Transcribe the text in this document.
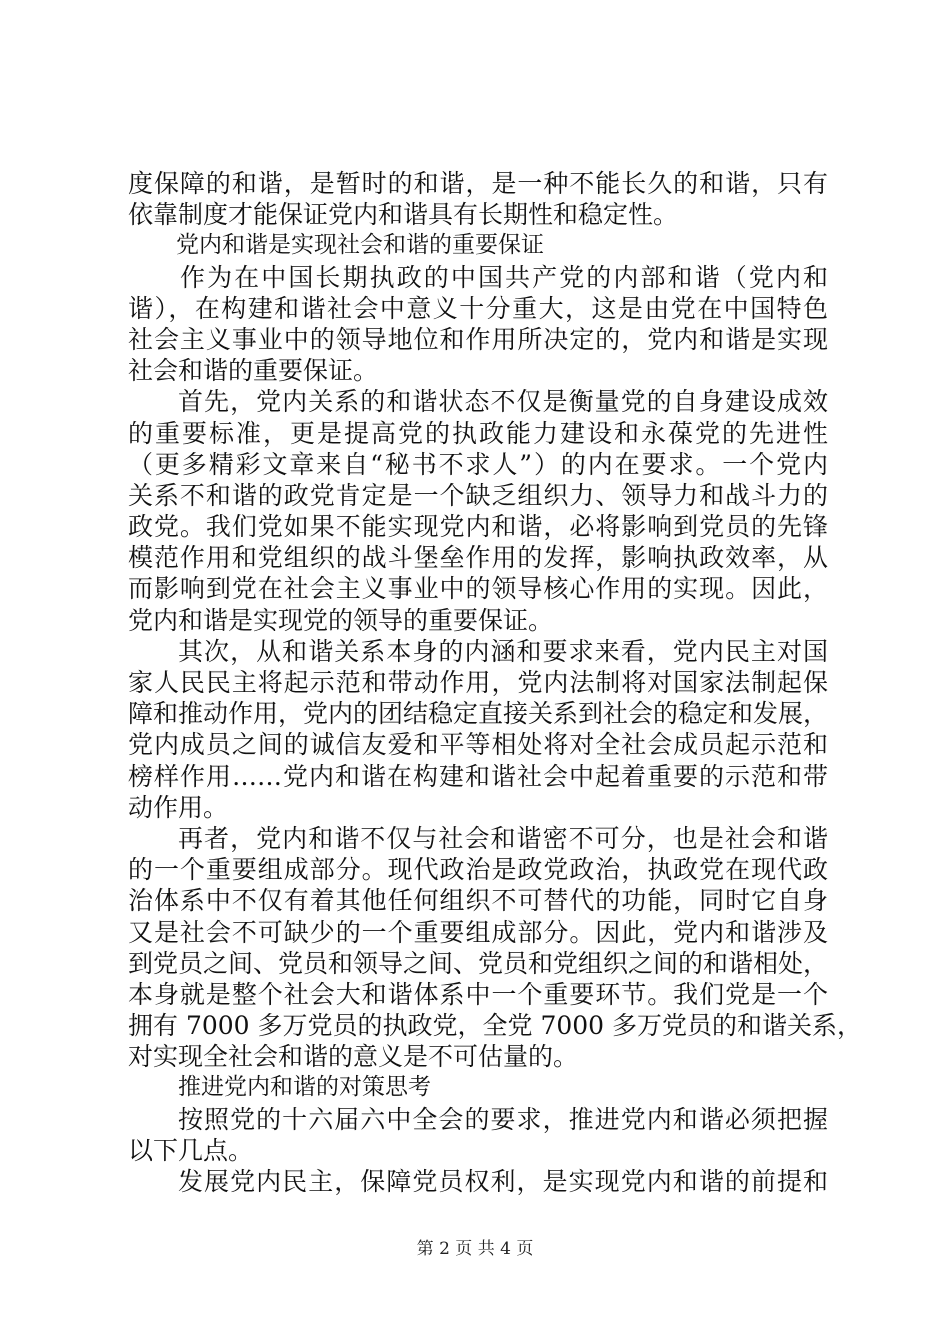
度保障的和谐，是暂时的和谐，是一种不能长久的和谐，只有
依靠制度才能保证党内和谐具有长期性和稳定性。
党内和谐是实现社会和谐的重要保证
作为在中国长期执政的中国共产党的内部和谐（党内和
谐），在构建和谐社会中意义十分重大，这是由党在中国特色
社会主义事业中的领导地位和作用所决定的，党内和谐是实现
社会和谐的重要保证。
首先，党内关系的和谐状态不仅是衡量党的自身建设成效
的重要标准，更是提高党的执政能力建设和永葆党的先进性
（更多精彩文章来自“秘书不求人”）的内在要求。一个党内
关系不和谐的政党肯定是一个缺乏组织力、领导力和战斗力的
政党。我们党如果不能实现党内和谐，必将影响到党员的先锋
模范作用和党组织的战斗堡垒作用的发挥，影响执政效率，从
而影响到党在社会主义事业中的领导核心作用的实现。因此，
党内和谐是实现党的领导的重要保证。
其次，从和谐关系本身的内涵和要求来看，党内民主对国
家人民民主将起示范和带动作用，党内法制将对国家法制起保
障和推动作用，党内的团结稳定直接关系到社会的稳定和发展，
党内成员之间的诚信友爱和平等相处将对全社会成员起示范和
榜样作用……党内和谐在构建和谐社会中起着重要的示范和带
动作用。
再者，党内和谐不仅与社会和谐密不可分，也是社会和谐
的一个重要组成部分。现代政治是政党政治，执政党在现代政
治体系中不仅有着其他任何组织不可替代的功能，同时它自身
又是社会不可缺少的一个重要组成部分。因此，党内和谐涉及
到党员之间、党员和领导之间、党员和党组织之间的和谐相处，
本身就是整个社会大和谐体系中一个重要环节。我们党是一个
拥有 7000 多万党员的执政党，全党 7000 多万党员的和谐关系，
对实现全社会和谐的意义是不可估量的。
推进党内和谐的对策思考
按照党的十六届六中全会的要求，推进党内和谐必须把握
以下几点。
发展党内民主，保障党员权利，是实现党内和谐的前提和
第 2 页 共 4 页
